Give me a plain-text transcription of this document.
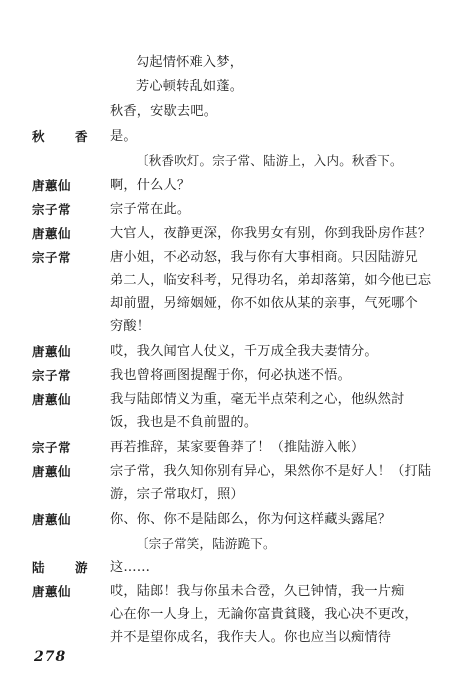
勾起情怀难入梦，
芳心顿转乱如蓬。
秋香，安歇去吧。
秋　香 是。
〔秋香吹灯。宗子常、陆游上，入内。秋香下。
唐蕙仙	啊，什么人？
宗子常	宗子常在此。
唐蕙仙	大官人，夜静更深，你我男女有别，你到我卧房作甚？
宗子常	唐小姐，不必动怒，我与你有大事相商。只因陆游兄
弟二人，临安科考，兄得功名，弟却落第，如今他已忘
却前盟，另缔姻娅，你不如依从某的亲事，气死哪个
穷酸！
唐蕙仙	哎，我久闻官人仗义，千万成全我夫妻情分。
宗子常	我也曾将画图提醒于你，何必执迷不悟。
唐蕙仙	我与陆郎情义为重，毫无半点荣利之心，他纵然討
饭，我也是不負前盟的。
宗子常	再若推辞，某家要鲁莽了！（推陆游入帐）
唐蕙仙	宗子常，我久知你别有异心，果然你不是好人！（打陆
游，宗子常取灯，照）
唐蕙仙	你、你、你不是陆郎么，你为何这样藏头露尾？
〔宗子常笑，陆游跪下。
陆　游 这……
唐蕙仙	哎，陆郎！我与你虽未合卺，久已钟情，我一片痴
心在你一人身上，无論你富貴貧賤，我心决不更改，
并不是望你成名，我作夫人。你也应当以痴情待
278
